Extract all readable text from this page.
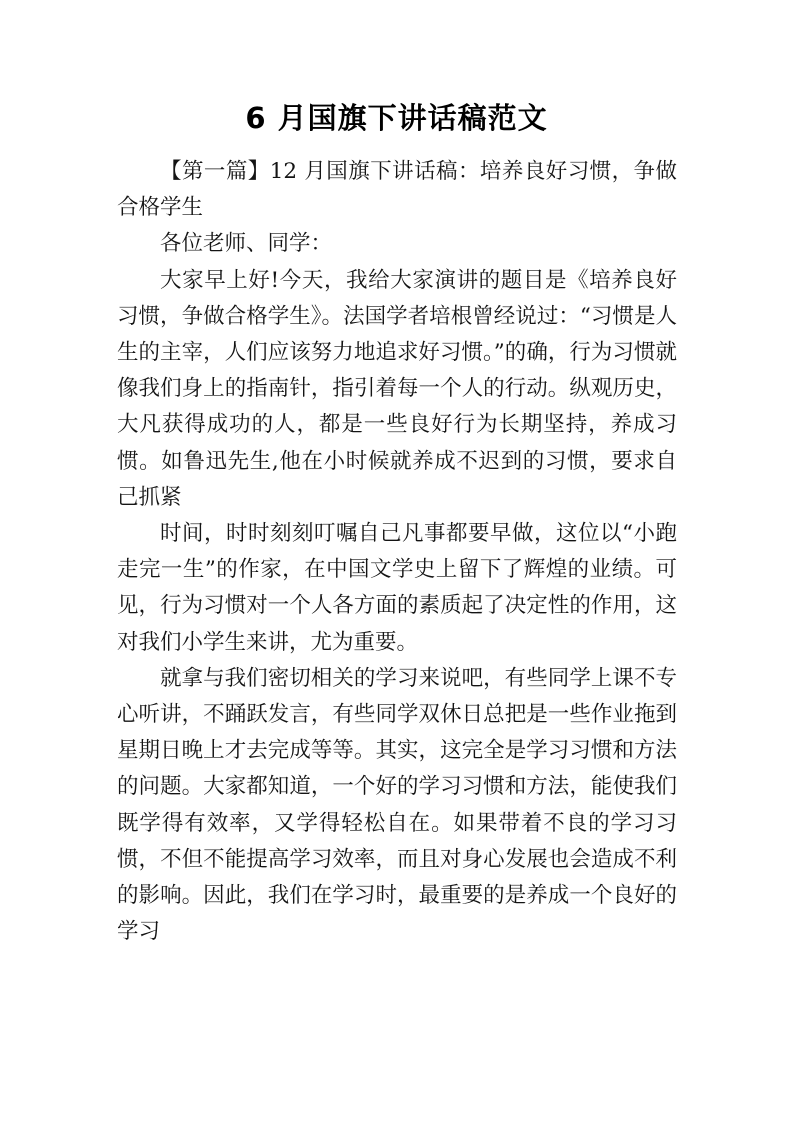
6 月国旗下讲话稿范文

【第一篇】12 月国旗下讲话稿：培养良好习惯，争做合格学生

各位老师、同学：

大家早上好!今天，我给大家演讲的题目是《培养良好习惯，争做合格学生》。法国学者培根曾经说过：“习惯是人生的主宰，人们应该努力地追求好习惯。”的确，行为习惯就像我们身上的指南针，指引着每一个人的行动。纵观历史，大凡获得成功的人，都是一些良好行为长期坚持，养成习惯。如鲁迅先生,他在小时候就养成不迟到的习惯，要求自己抓紧

时间，时时刻刻叮嘱自己凡事都要早做，这位以“小跑走完一生”的作家，在中国文学史上留下了辉煌的业绩。可见，行为习惯对一个人各方面的素质起了决定性的作用，这对我们小学生来讲，尤为重要。

就拿与我们密切相关的学习来说吧，有些同学上课不专心听讲，不踊跃发言，有些同学双休日总把是一些作业拖到星期日晚上才去完成等等。其实，这完全是学习习惯和方法的问题。大家都知道，一个好的学习习惯和方法，能使我们既学得有效率，又学得轻松自在。如果带着不良的学习习惯，不但不能提高学习效率，而且对身心发展也会造成不利的影响。因此，我们在学习时，最重要的是养成一个良好的学习
